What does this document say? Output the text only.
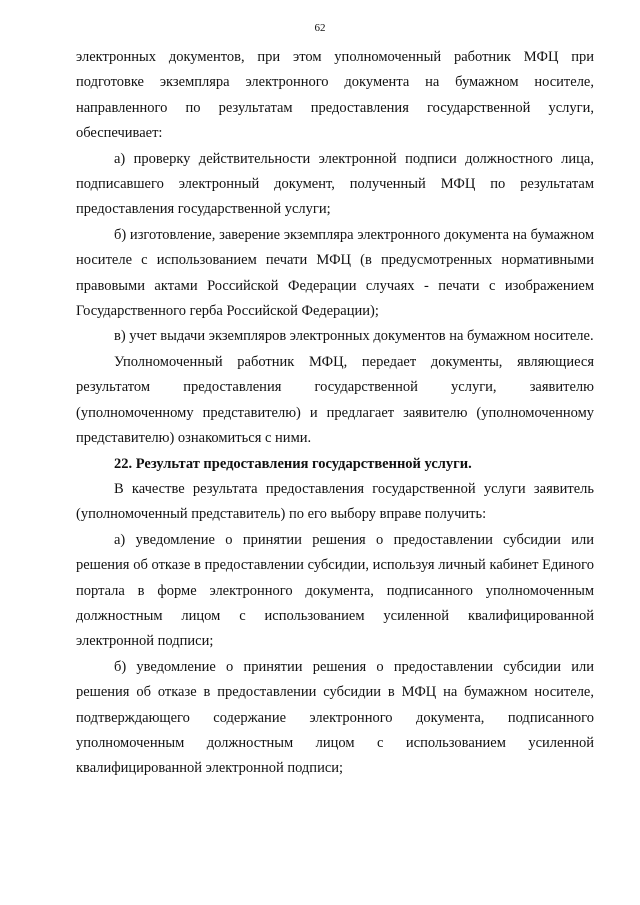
62

электронных документов, при этом уполномоченный работник МФЦ при подготовке экземпляра электронного документа на бумажном носителе, направленного по результатам предоставления государственной услуги, обеспечивает:

а) проверку действительности электронной подписи должностного лица, подписавшего электронный документ, полученный МФЦ по результатам предоставления государственной услуги;

б) изготовление, заверение экземпляра электронного документа на бумажном носителе с использованием печати МФЦ (в предусмотренных нормативными правовыми актами Российской Федерации случаях - печати с изображением Государственного герба Российской Федерации);

в) учет выдачи экземпляров электронных документов на бумажном носителе.

Уполномоченный работник МФЦ, передает документы, являющиеся результатом предоставления государственной услуги, заявителю (уполномоченному представителю) и предлагает заявителю (уполномоченному представителю) ознакомиться с ними.

22. Результат предоставления государственной услуги.

В качестве результата предоставления государственной услуги заявитель (уполномоченный представитель) по его выбору вправе получить:

а) уведомление о принятии решения о предоставлении субсидии или решения об отказе в предоставлении субсидии, используя личный кабинет Единого портала в форме электронного документа, подписанного уполномоченным должностным лицом с использованием усиленной квалифицированной электронной подписи;

б) уведомление о принятии решения о предоставлении субсидии или решения об отказе в предоставлении субсидии в МФЦ на бумажном носителе, подтверждающего содержание электронного документа, подписанного уполномоченным должностным лицом с использованием усиленной квалифицированной электронной подписи;
